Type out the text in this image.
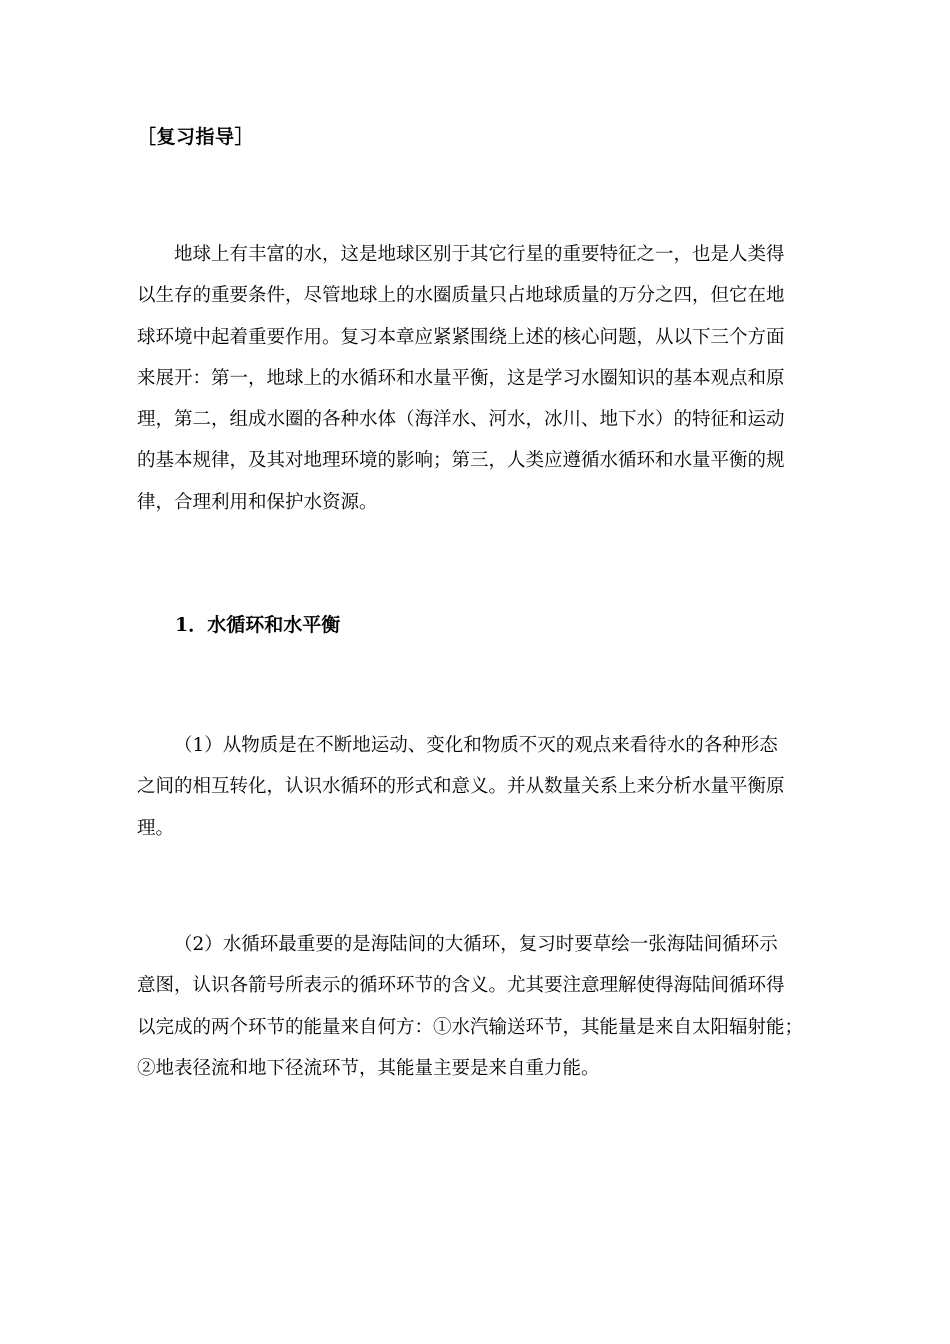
［复习指导］

地球上有丰富的水，这是地球区别于其它行星的重要特征之一，也是人类得
以生存的重要条件，尽管地球上的水圈质量只占地球质量的万分之四，但它在地
球环境中起着重要作用。复习本章应紧紧围绕上述的核心问题，从以下三个方面
来展开：第一，地球上的水循环和水量平衡，这是学习水圈知识的基本观点和原
理，第二，组成水圈的各种水体（海洋水、河水，冰川、地下水）的特征和运动
的基本规律，及其对地理环境的影响；第三，人类应遵循水循环和水量平衡的规
律，合理利用和保护水资源。

1．水循环和水平衡

（1）从物质是在不断地运动、变化和物质不灭的观点来看待水的各种形态
之间的相互转化，认识水循环的形式和意义。并从数量关系上来分析水量平衡原
理。

（2）水循环最重要的是海陆间的大循环，复习时要草绘一张海陆间循环示
意图，认识各箭号所表示的循环环节的含义。尤其要注意理解使得海陆间循环得
以完成的两个环节的能量来自何方：①水汽输送环节，其能量是来自太阳辐射能；
②地表径流和地下径流环节，其能量主要是来自重力能。
